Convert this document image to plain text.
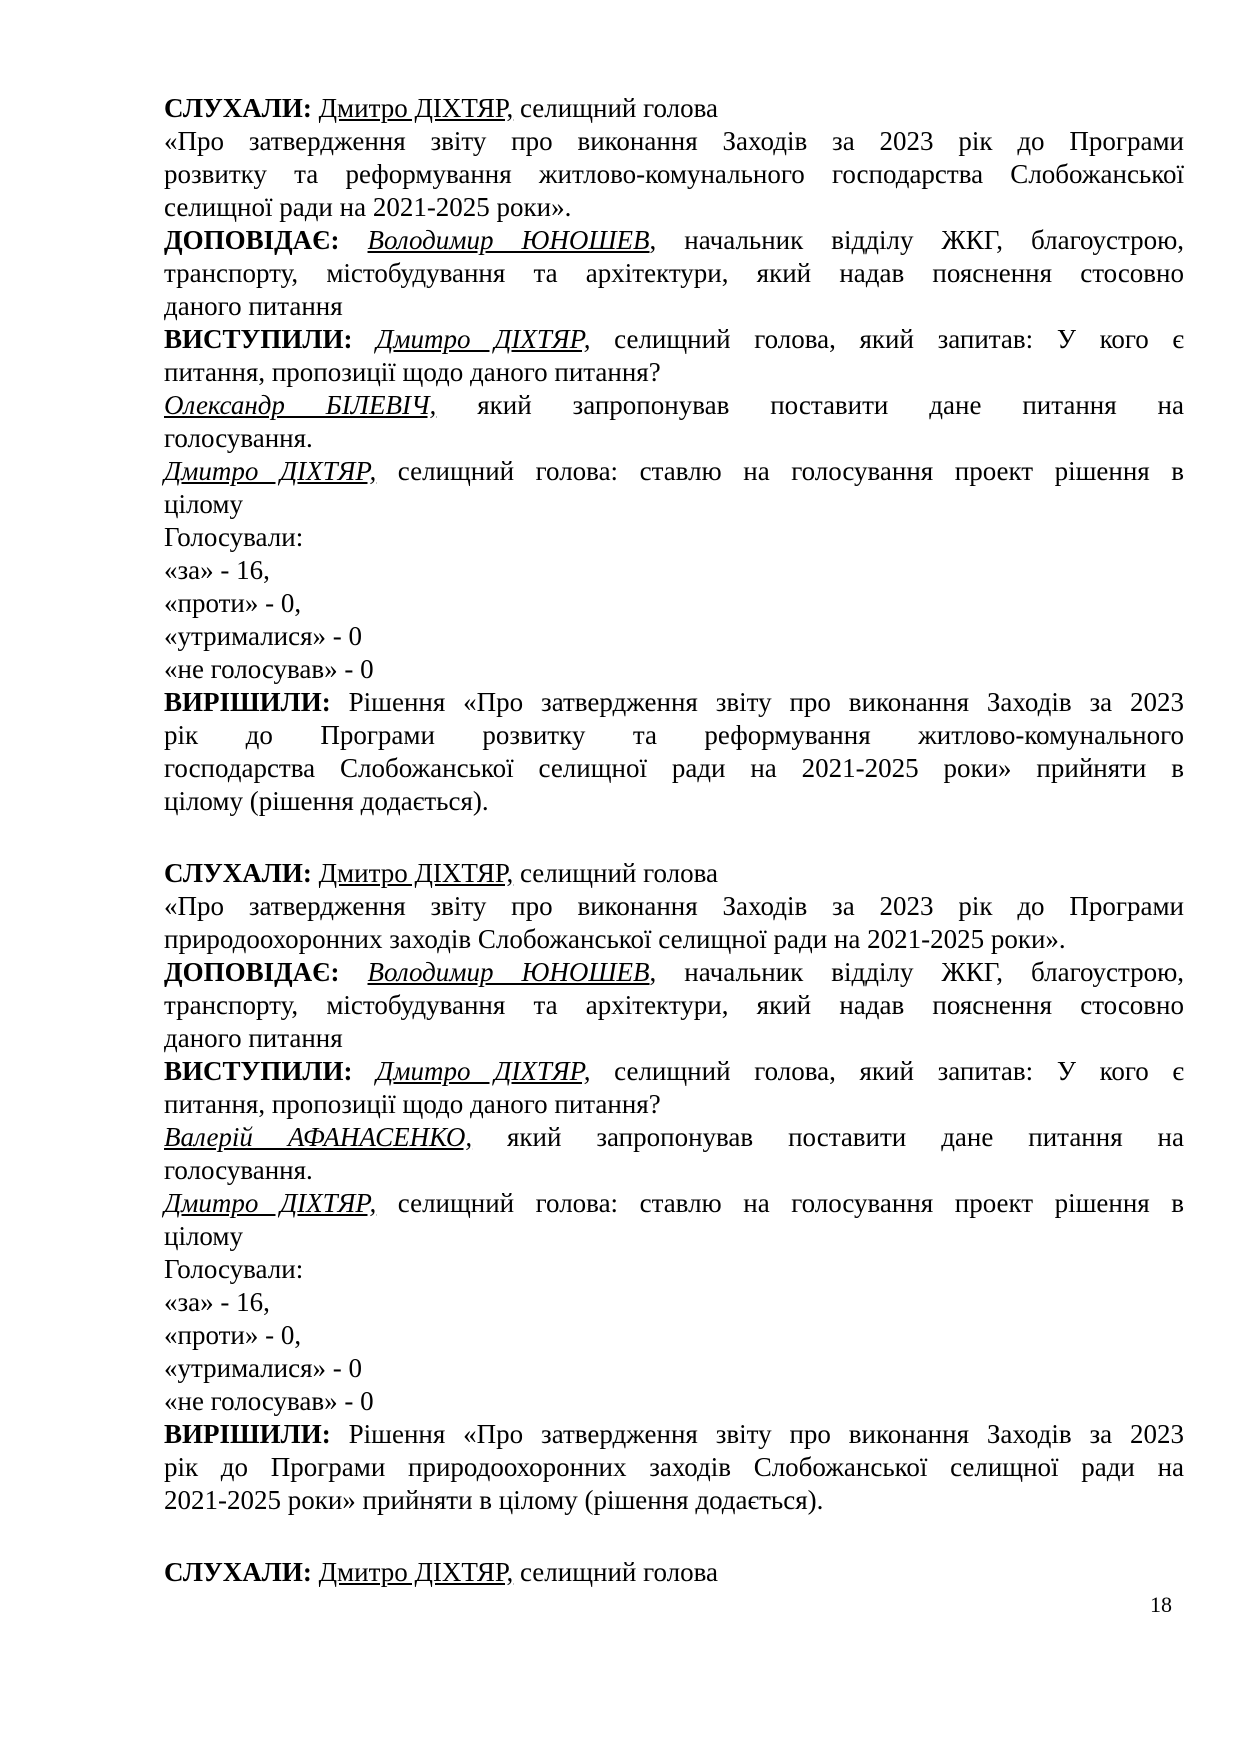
СЛУХАЛИ: Дмитро ДІХТЯР, селищний голова
«Про затвердження звіту про виконання Заходів за 2023 рік до Програми
розвитку та реформування житлово-комунального господарства Слобожанської
селищної ради на 2021-2025 роки».
ДОПОВІДАЄ: Володимир ЮНОШЕВ, начальник відділу ЖКГ, благоустрою,
транспорту, містобудування та архітектури, який надав пояснення стосовно
даного питання
ВИСТУПИЛИ: Дмитро ДІХТЯР, селищний голова, який запитав: У кого є
питання, пропозиції щодо даного питання?
Олександр БІЛЕВІЧ, який запропонував поставити дане питання на
голосування.
Дмитро ДІХТЯР, селищний голова: ставлю на голосування проект рішення в
цілому
Голосували:
«за» - 16,
«проти» - 0,
«утрималися» - 0
«не голосував» - 0
ВИРІШИЛИ: Рішення «Про затвердження звіту про виконання Заходів за 2023
рік до Програми розвитку та реформування житлово-комунального
господарства Слобожанської селищної ради на 2021-2025 роки» прийняти в
цілому (рішення додається).
СЛУХАЛИ: Дмитро ДІХТЯР, селищний голова
«Про затвердження звіту про виконання Заходів за 2023 рік до Програми
природоохоронних заходів Слобожанської селищної ради на 2021-2025 роки».
ДОПОВІДАЄ: Володимир ЮНОШЕВ, начальник відділу ЖКГ, благоустрою,
транспорту, містобудування та архітектури, який надав пояснення стосовно
даного питання
ВИСТУПИЛИ: Дмитро ДІХТЯР, селищний голова, який запитав: У кого є
питання, пропозиції щодо даного питання?
Валерій АФАНАСЕНКО, який запропонував поставити дане питання на
голосування.
Дмитро ДІХТЯР, селищний голова: ставлю на голосування проект рішення в
цілому
Голосували:
«за» - 16,
«проти» - 0,
«утрималися» - 0
«не голосував» - 0
ВИРІШИЛИ: Рішення «Про затвердження звіту про виконання Заходів за 2023
рік до Програми природоохоронних заходів Слобожанської селищної ради на
2021-2025 роки» прийняти в цілому (рішення додається).
СЛУХАЛИ: Дмитро ДІХТЯР, селищний голова
18
